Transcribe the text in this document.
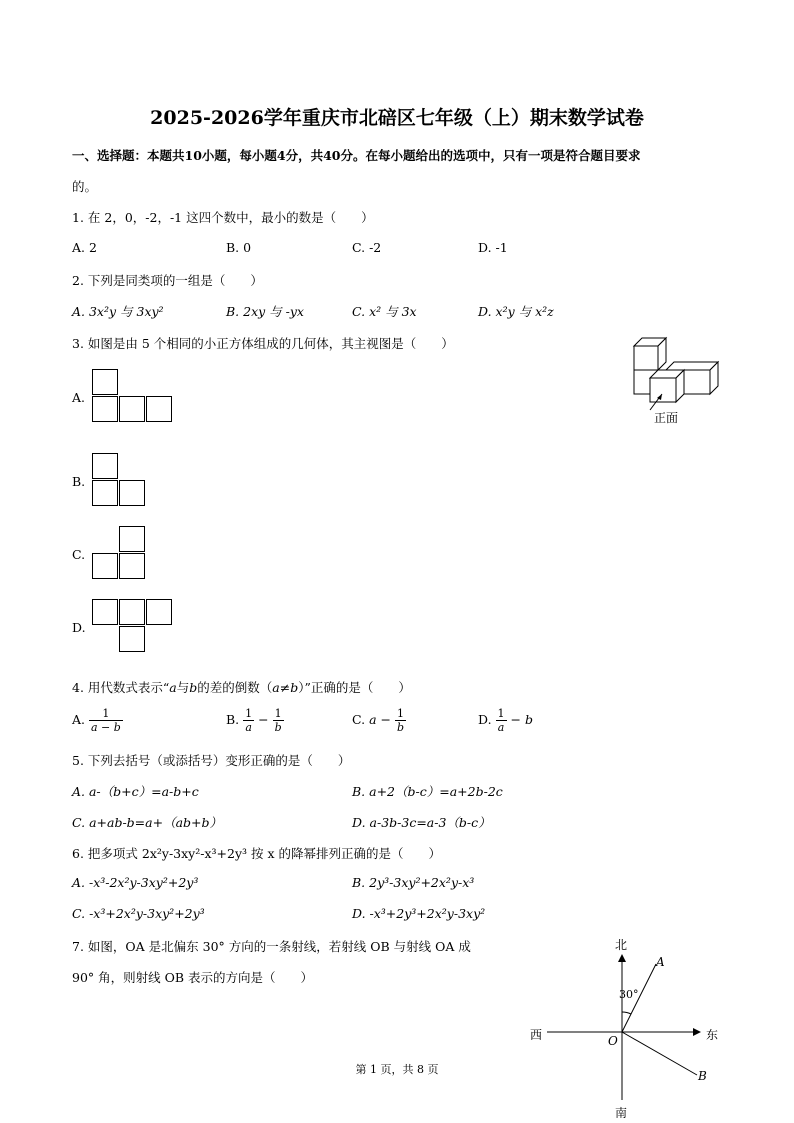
2025-2026学年重庆市北碚区七年级（上）期末数学试卷
一、选择题：本题共10小题，每小题4分，共40分。在每小题给出的选项中，只有一项是符合题目要求
的。
1. 在 2，0，-2，-1 这四个数中，最小的数是（　　）
A. 2	B. 0	C. -2	D. -1
2. 下列是同类项的一组是（　　）
A. 3x²y 与 3xy²	B. 2xy 与 -yx	C. x² 与 3x	D. x²y 与 x²z
3. 如图是由 5 个相同的小正方体组成的几何体，其主视图是（　　）
正面
A.
B.
C.
D.
4. 用代数式表示“a与b的差的倒数（a≠b）”正确的是（　　）
A. $\frac{1}{a - b}$	B. $\frac{1}{a} - \frac{1}{b}$	C. $a - \frac{1}{b}$	D. $\frac{1}{a} - b$
5. 下列去括号（或添括号）变形正确的是（　　）
A. a-（b+c）=a-b+c	B. a+2（b-c）=a+2b-2c
C. a+ab-b=a+（ab+b）	D. a-3b-3c=a-3（b-c）
6. 把多项式 2x²y-3xy²-x³+2y³ 按 x 的降幂排列正确的是（　　）
A. -x³-2x²y-3xy²+2y³	B. 2y³-3xy²+2x²y-x³
C. -x³+2x²y-3xy²+2y³	D. -x³+2y³+2x²y-3xy²
7. 如图，OA 是北偏东 30° 方向的一条射线，若射线 OB 与射线 OA 成
90° 角，则射线 OB 表示的方向是（　　）
北
南
东
西	O
A
B
30°
第 1 页，共 8 页
